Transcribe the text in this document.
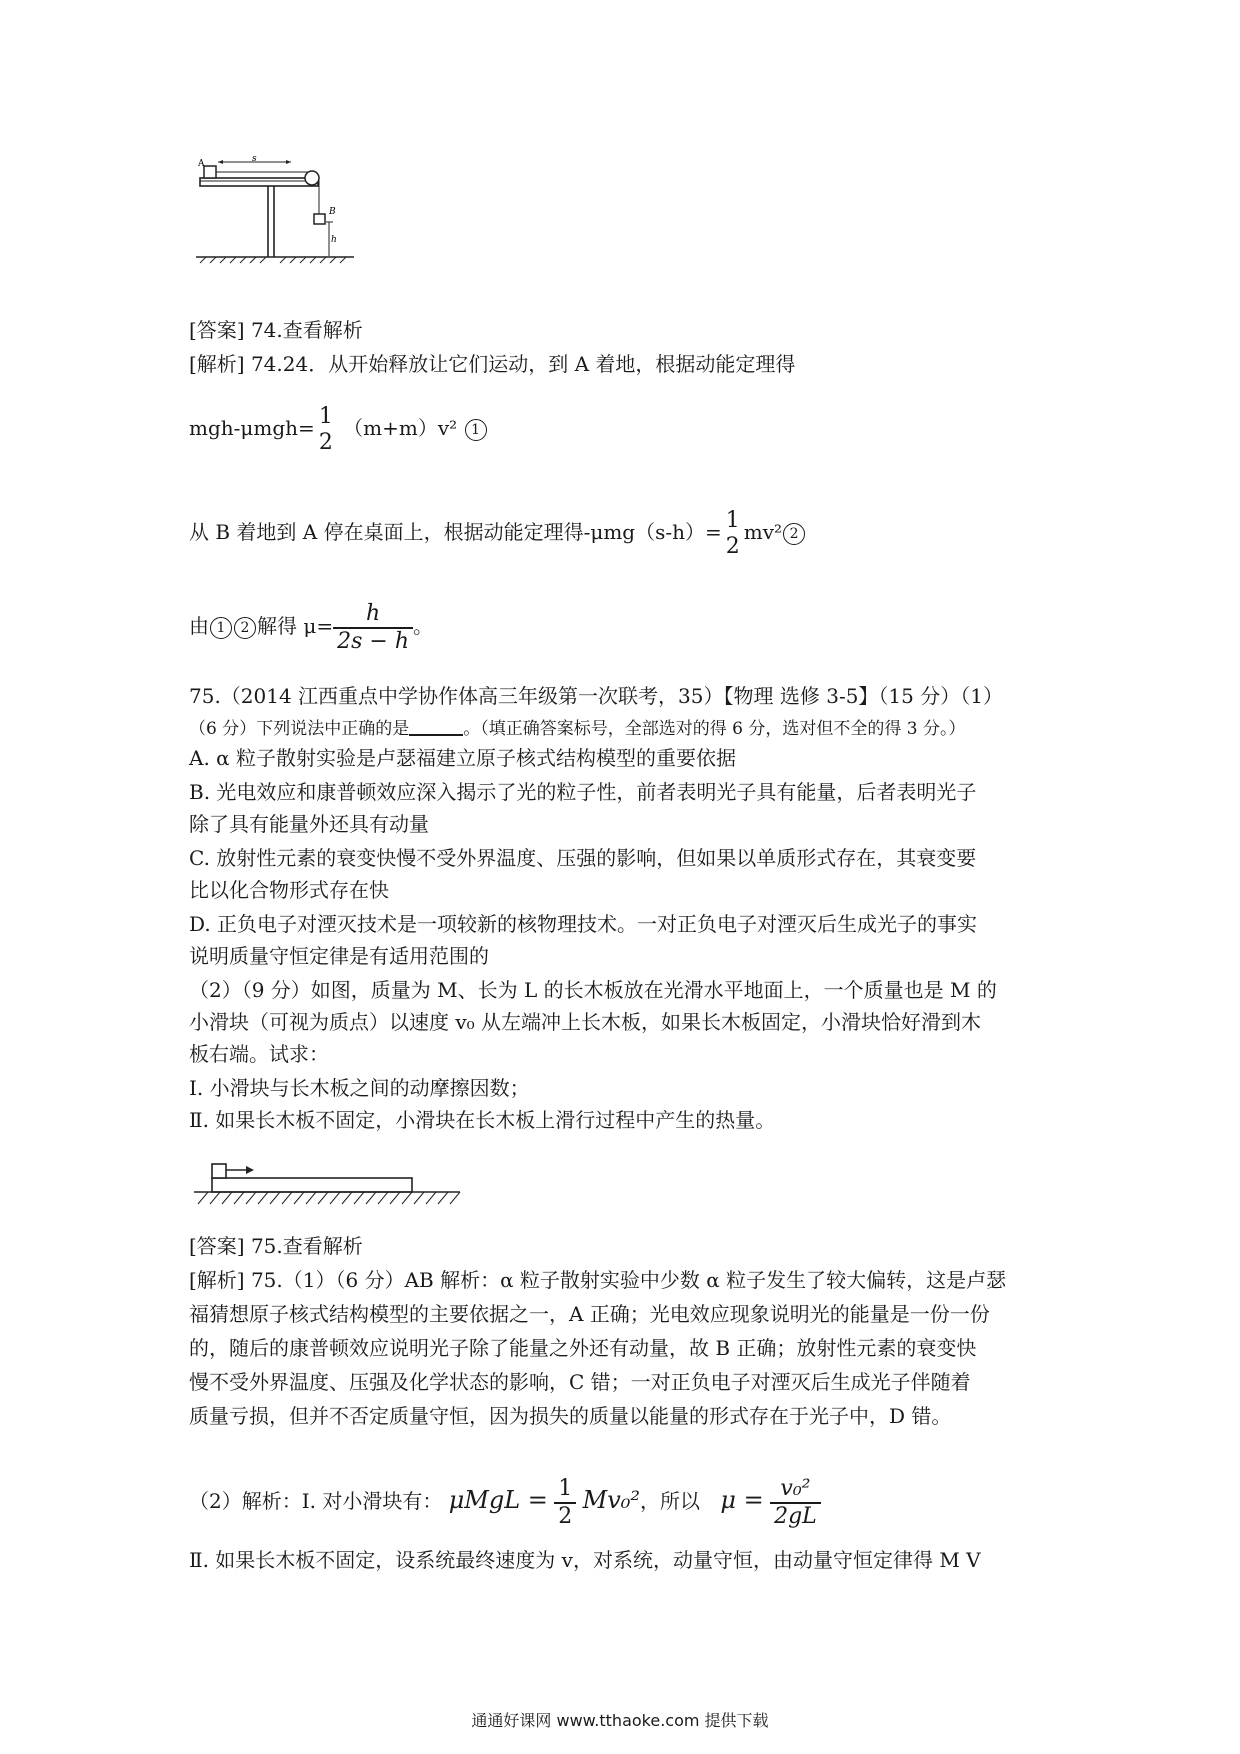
A	s
B
h
[答案] 74.查看解析
[解析] 74.24．从开始释放让它们运动，到 A 着地，根据动能定理得
mgh-μmgh= 1
2
（m+m）v² 1
从 B 着地到 A 停在桌面上，根据动能定理得-μmg（s-h）= 1
2
mv² 2
由 1 2 解得 $\mu= \frac{h}{2s - h}$ 。
75.（2014 江西重点中学协作体高三年级第一次联考，35）【物理 选修 3-5】（15 分）（1）
（6 分）下列说法中正确的是	。（填正确答案标号，全部选对的得 6 分，选对但不全的得 3 分。）
A. α 粒子散射实验是卢瑟福建立原子核式结构模型的重要依据
B. 光电效应和康普顿效应深入揭示了光的粒子性，前者表明光子具有能量，后者表明光子
除了具有能量外还具有动量
C. 放射性元素的衰变快慢不受外界温度、压强的影响，但如果以单质形式存在，其衰变要
比以化合物形式存在快
D. 正负电子对湮灭技术是一项较新的核物理技术。一对正负电子对湮灭后生成光子的事实
说明质量守恒定律是有适用范围的
（2）（9 分）如图，质量为 M、长为 L 的长木板放在光滑水平地面上，一个质量也是 M 的
小滑块（可视为质点）以速度 v₀ 从左端冲上长木板，如果长木板固定，小滑块恰好滑到木
板右端。试求：
Ⅰ. 小滑块与长木板之间的动摩擦因数；
Ⅱ. 如果长木板不固定，小滑块在长木板上滑行过程中产生的热量。
[答案] 75.查看解析
[解析] 75.（1）（6 分）AB 解析：α 粒子散射实验中少数 α 粒子发生了较大偏转，这是卢瑟
福猜想原子核式结构模型的主要依据之一，A 正确；光电效应现象说明光的能量是一份一份
的，随后的康普顿效应说明光子除了能量之外还有动量，故 B 正确；放射性元素的衰变快
慢不受外界温度、压强及化学状态的影响，C 错；一对正负电子对湮灭后生成光子伴随着
质量亏损，但并不否定质量守恒，因为损失的质量以能量的形式存在于光子中，D 错。
（2）解析：Ⅰ. 对小滑块有： $\mu MgL = \frac{1}{2} Mv_0^2$，所以 $\mu = \frac{\text{v₀²}}{2gL}$
Ⅱ. 如果长木板不固定，设系统最终速度为 v，对系统，动量守恒，由动量守恒定律得 M V
通通好课网 www.tthaoke.com 提供下载
